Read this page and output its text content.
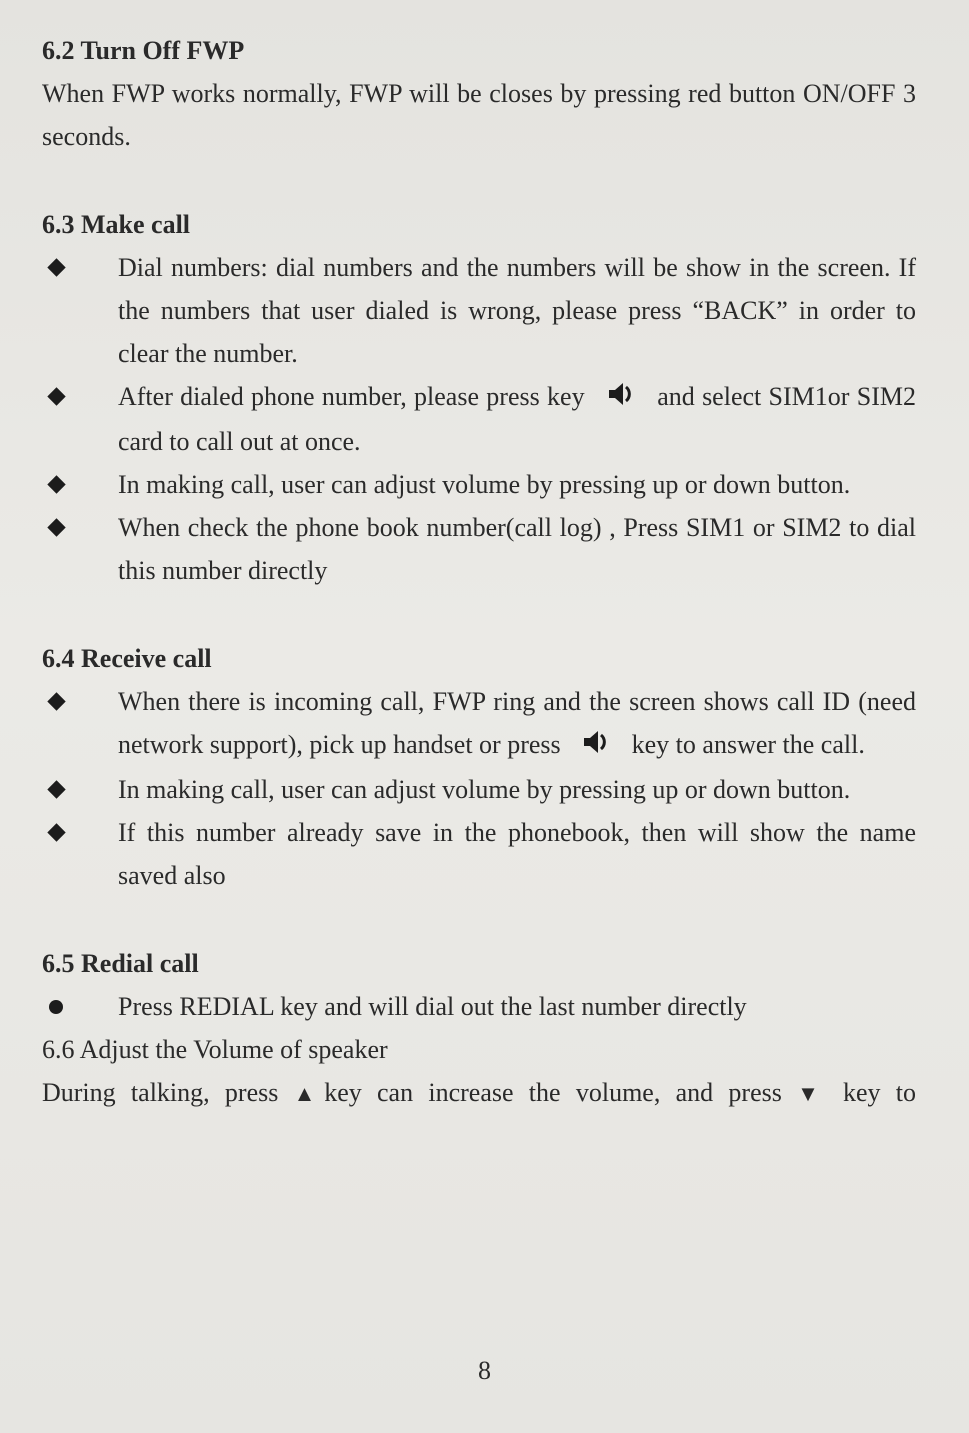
6.2 Turn Off FWP

When FWP works normally, FWP will be closes by pressing red button ON/OFF 3 seconds.

6.3 Make call

Dial numbers: dial numbers and the numbers will be show in the screen. If the numbers that user dialed is wrong, please press “BACK” in order to clear the number.
After dialed phone number, please press key	and select SIM1or SIM2 card to call out at once.
In making call, user can adjust volume by pressing up or down button.
When check the phone book number(call log) , Press SIM1 or SIM2 to dial this number directly

6.4 Receive call

When there is incoming call, FWP ring and the screen shows call ID (need network support), pick up handset or press	key to answer the call.
In making call, user can adjust volume by pressing up or down button.
If this number already save in the phonebook, then will show the name saved also

6.5 Redial call

Press REDIAL key and will dial out the last number directly

6.6 Adjust the Volume of speaker

During talking, press ▲key can increase the volume, and press ▼ key to

8
